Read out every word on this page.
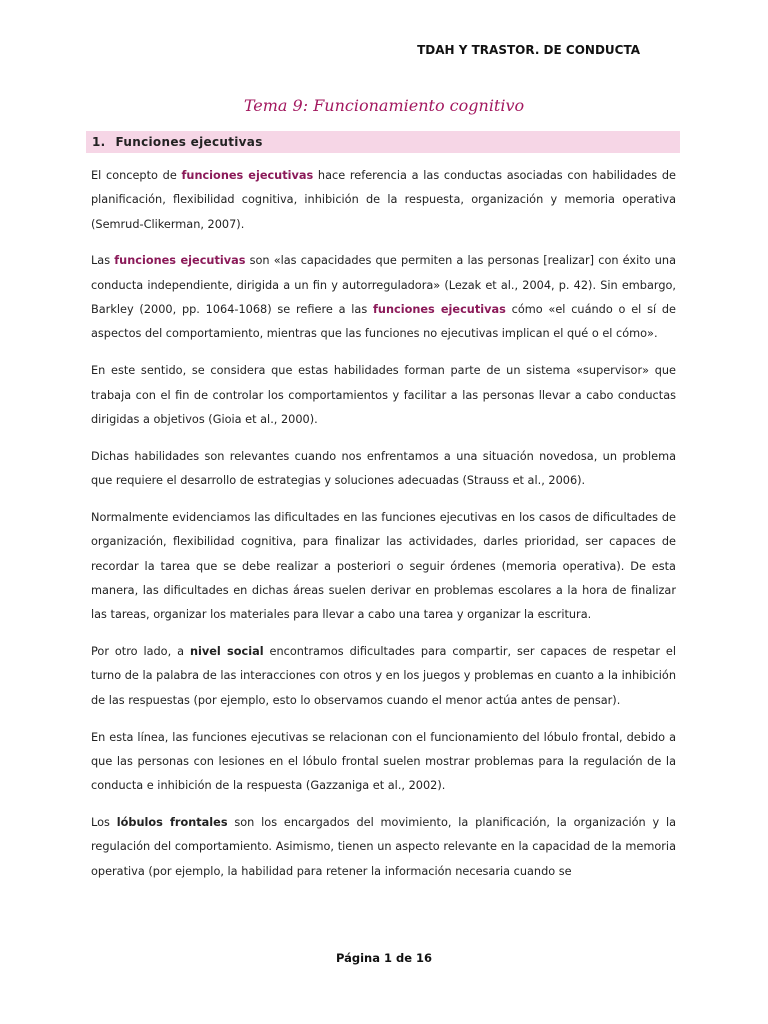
TDAH Y TRASTOR. DE CONDUCTA
Tema 9: Funcionamiento cognitivo
1. Funciones ejecutivas

El concepto de funciones ejecutivas hace referencia a las conductas asociadas con habilidades de planificación, flexibilidad cognitiva, inhibición de la respuesta, organización y memoria operativa (Semrud-Clikerman, 2007).

Las funciones ejecutivas son «las capacidades que permiten a las personas [realizar] con éxito una conducta independiente, dirigida a un fin y autorreguladora» (Lezak et al., 2004, p. 42). Sin embargo, Barkley (2000, pp. 1064-1068) se refiere a las funciones ejecutivas cómo «el cuándo o el sí de aspectos del comportamiento, mientras que las funciones no ejecutivas implican el qué o el cómo».

En este sentido, se considera que estas habilidades forman parte de un sistema «supervisor» que trabaja con el fin de controlar los comportamientos y facilitar a las personas llevar a cabo conductas dirigidas a objetivos (Gioia et al., 2000).

Dichas habilidades son relevantes cuando nos enfrentamos a una situación novedosa, un problema que requiere el desarrollo de estrategias y soluciones adecuadas (Strauss et al., 2006).

Normalmente evidenciamos las dificultades en las funciones ejecutivas en los casos de dificultades de organización, flexibilidad cognitiva, para finalizar las actividades, darles prioridad, ser capaces de recordar la tarea que se debe realizar a posteriori o seguir órdenes (memoria operativa). De esta manera, las dificultades en dichas áreas suelen derivar en problemas escolares a la hora de finalizar las tareas, organizar los materiales para llevar a cabo una tarea y organizar la escritura.

Por otro lado, a nivel social encontramos dificultades para compartir, ser capaces de respetar el turno de la palabra de las interacciones con otros y en los juegos y problemas en cuanto a la inhibición de las respuestas (por ejemplo, esto lo observamos cuando el menor actúa antes de pensar).

En esta línea, las funciones ejecutivas se relacionan con el funcionamiento del lóbulo frontal, debido a que las personas con lesiones en el lóbulo frontal suelen mostrar problemas para la regulación de la conducta e inhibición de la respuesta (Gazzaniga et al., 2002).

Los lóbulos frontales son los encargados del movimiento, la planificación, la organización y la regulación del comportamiento. Asimismo, tienen un aspecto relevante en la capacidad de la memoria operativa (por ejemplo, la habilidad para retener la información necesaria cuando se

Página 1 de 16
